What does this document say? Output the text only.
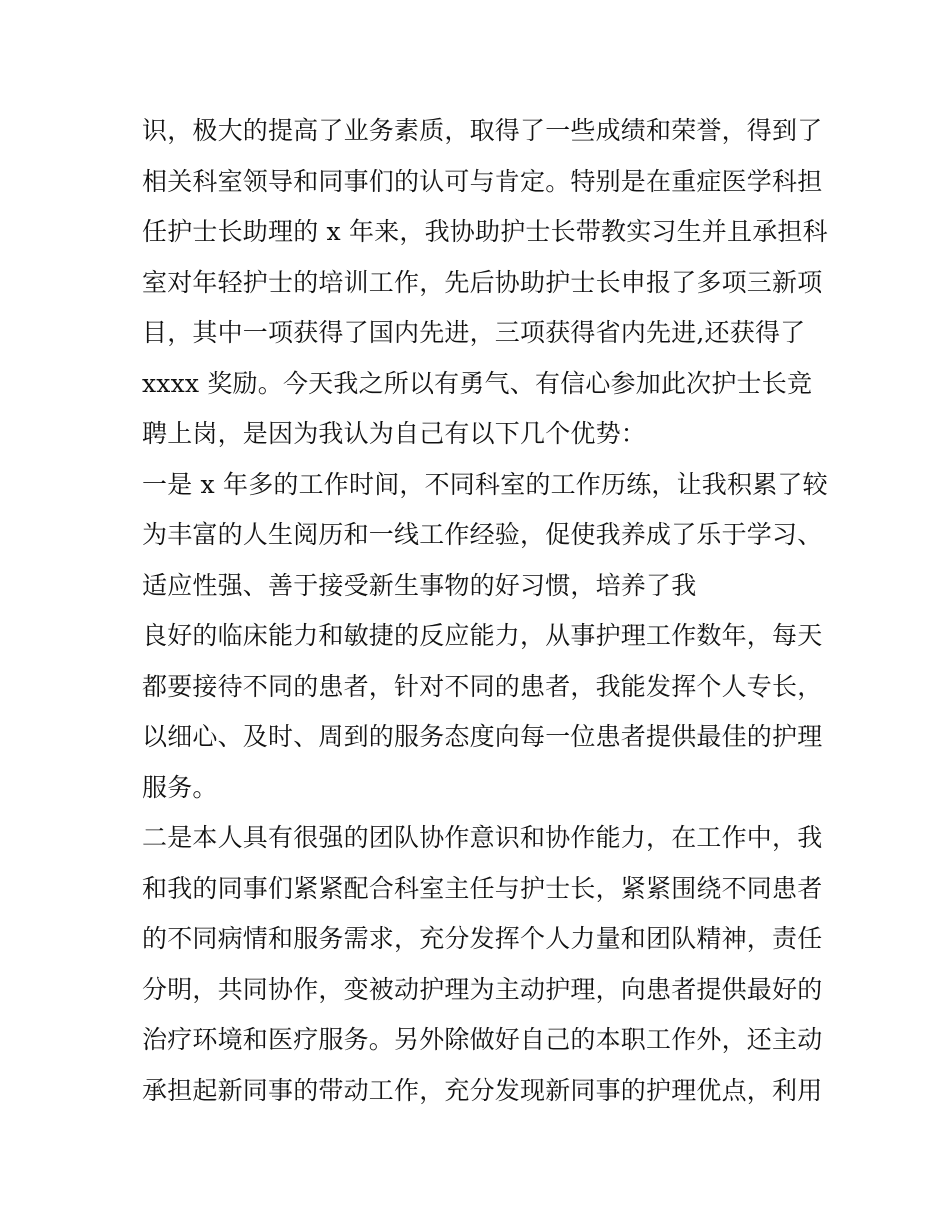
识，极大的提高了业务素质，取得了一些成绩和荣誉，得到了
相关科室领导和同事们的认可与肯定。特别是在重症医学科担
任护士长助理的 x 年来，我协助护士长带教实习生并且承担科
室对年轻护士的培训工作，先后协助护士长申报了多项三新项
目，其中一项获得了国内先进，三项获得省内先进,还获得了
xxxx 奖励。今天我之所以有勇气、有信心参加此次护士长竞
聘上岗，是因为我认为自己有以下几个优势：
一是 x 年多的工作时间，不同科室的工作历练，让我积累了较
为丰富的人生阅历和一线工作经验，促使我养成了乐于学习、
适应性强、善于接受新生事物的好习惯，培养了我
良好的临床能力和敏捷的反应能力，从事护理工作数年，每天
都要接待不同的患者，针对不同的患者，我能发挥个人专长，
以细心、及时、周到的服务态度向每一位患者提供最佳的护理
服务。
二是本人具有很强的团队协作意识和协作能力，在工作中，我
和我的同事们紧紧配合科室主任与护士长，紧紧围绕不同患者
的不同病情和服务需求，充分发挥个人力量和团队精神，责任
分明，共同协作，变被动护理为主动护理，向患者提供最好的
治疗环境和医疗服务。另外除做好自己的本职工作外，还主动
承担起新同事的带动工作，充分发现新同事的护理优点，利用
